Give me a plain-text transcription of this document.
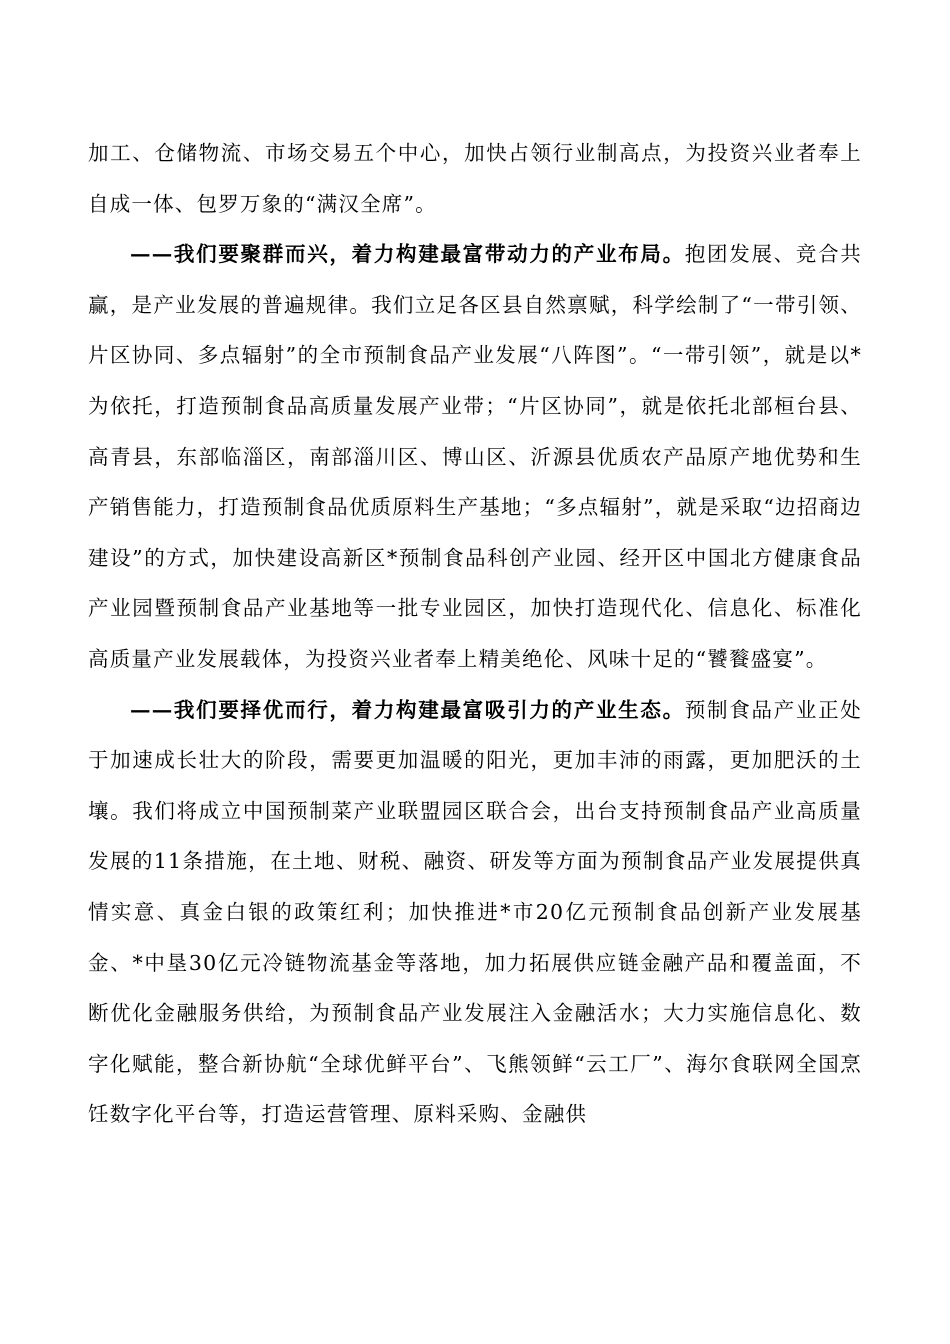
加工、仓储物流、市场交易五个中心，加快占领行业制高点，为投资兴业者奉上自成一体、包罗万象的“满汉全席”。

——我们要聚群而兴，着力构建最富带动力的产业布局。抱团发展、竞合共赢，是产业发展的普遍规律。我们立足各区县自然禀赋，科学绘制了“一带引领、片区协同、多点辐射”的全市预制食品产业发展“八阵图”。“一带引领”，就是以*为依托，打造预制食品高质量发展产业带；“片区协同”，就是依托北部桓台县、高青县，东部临淄区，南部淄川区、博山区、沂源县优质农产品原产地优势和生产销售能力，打造预制食品优质原料生产基地；“多点辐射”，就是采取“边招商边建设”的方式，加快建设高新区*预制食品科创产业园、经开区中国北方健康食品产业园暨预制食品产业基地等一批专业园区，加快打造现代化、信息化、标准化高质量产业发展载体，为投资兴业者奉上精美绝伦、风味十足的“饕餮盛宴”。

——我们要择优而行，着力构建最富吸引力的产业生态。预制食品产业正处于加速成长壮大的阶段，需要更加温暖的阳光，更加丰沛的雨露，更加肥沃的土壤。我们将成立中国预制菜产业联盟园区联合会，出台支持预制食品产业高质量发展的11条措施，在土地、财税、融资、研发等方面为预制食品产业发展提供真情实意、真金白银的政策红利；加快推进*市20亿元预制食品创新产业发展基金、*中垦30亿元冷链物流基金等落地，加力拓展供应链金融产品和覆盖面，不断优化金融服务供给，为预制食品产业发展注入金融活水；大力实施信息化、数字化赋能，整合新协航“全球优鲜平台”、飞熊领鲜“云工厂”、海尔食联网全国烹饪数字化平台等，打造运营管理、原料采购、金融供
